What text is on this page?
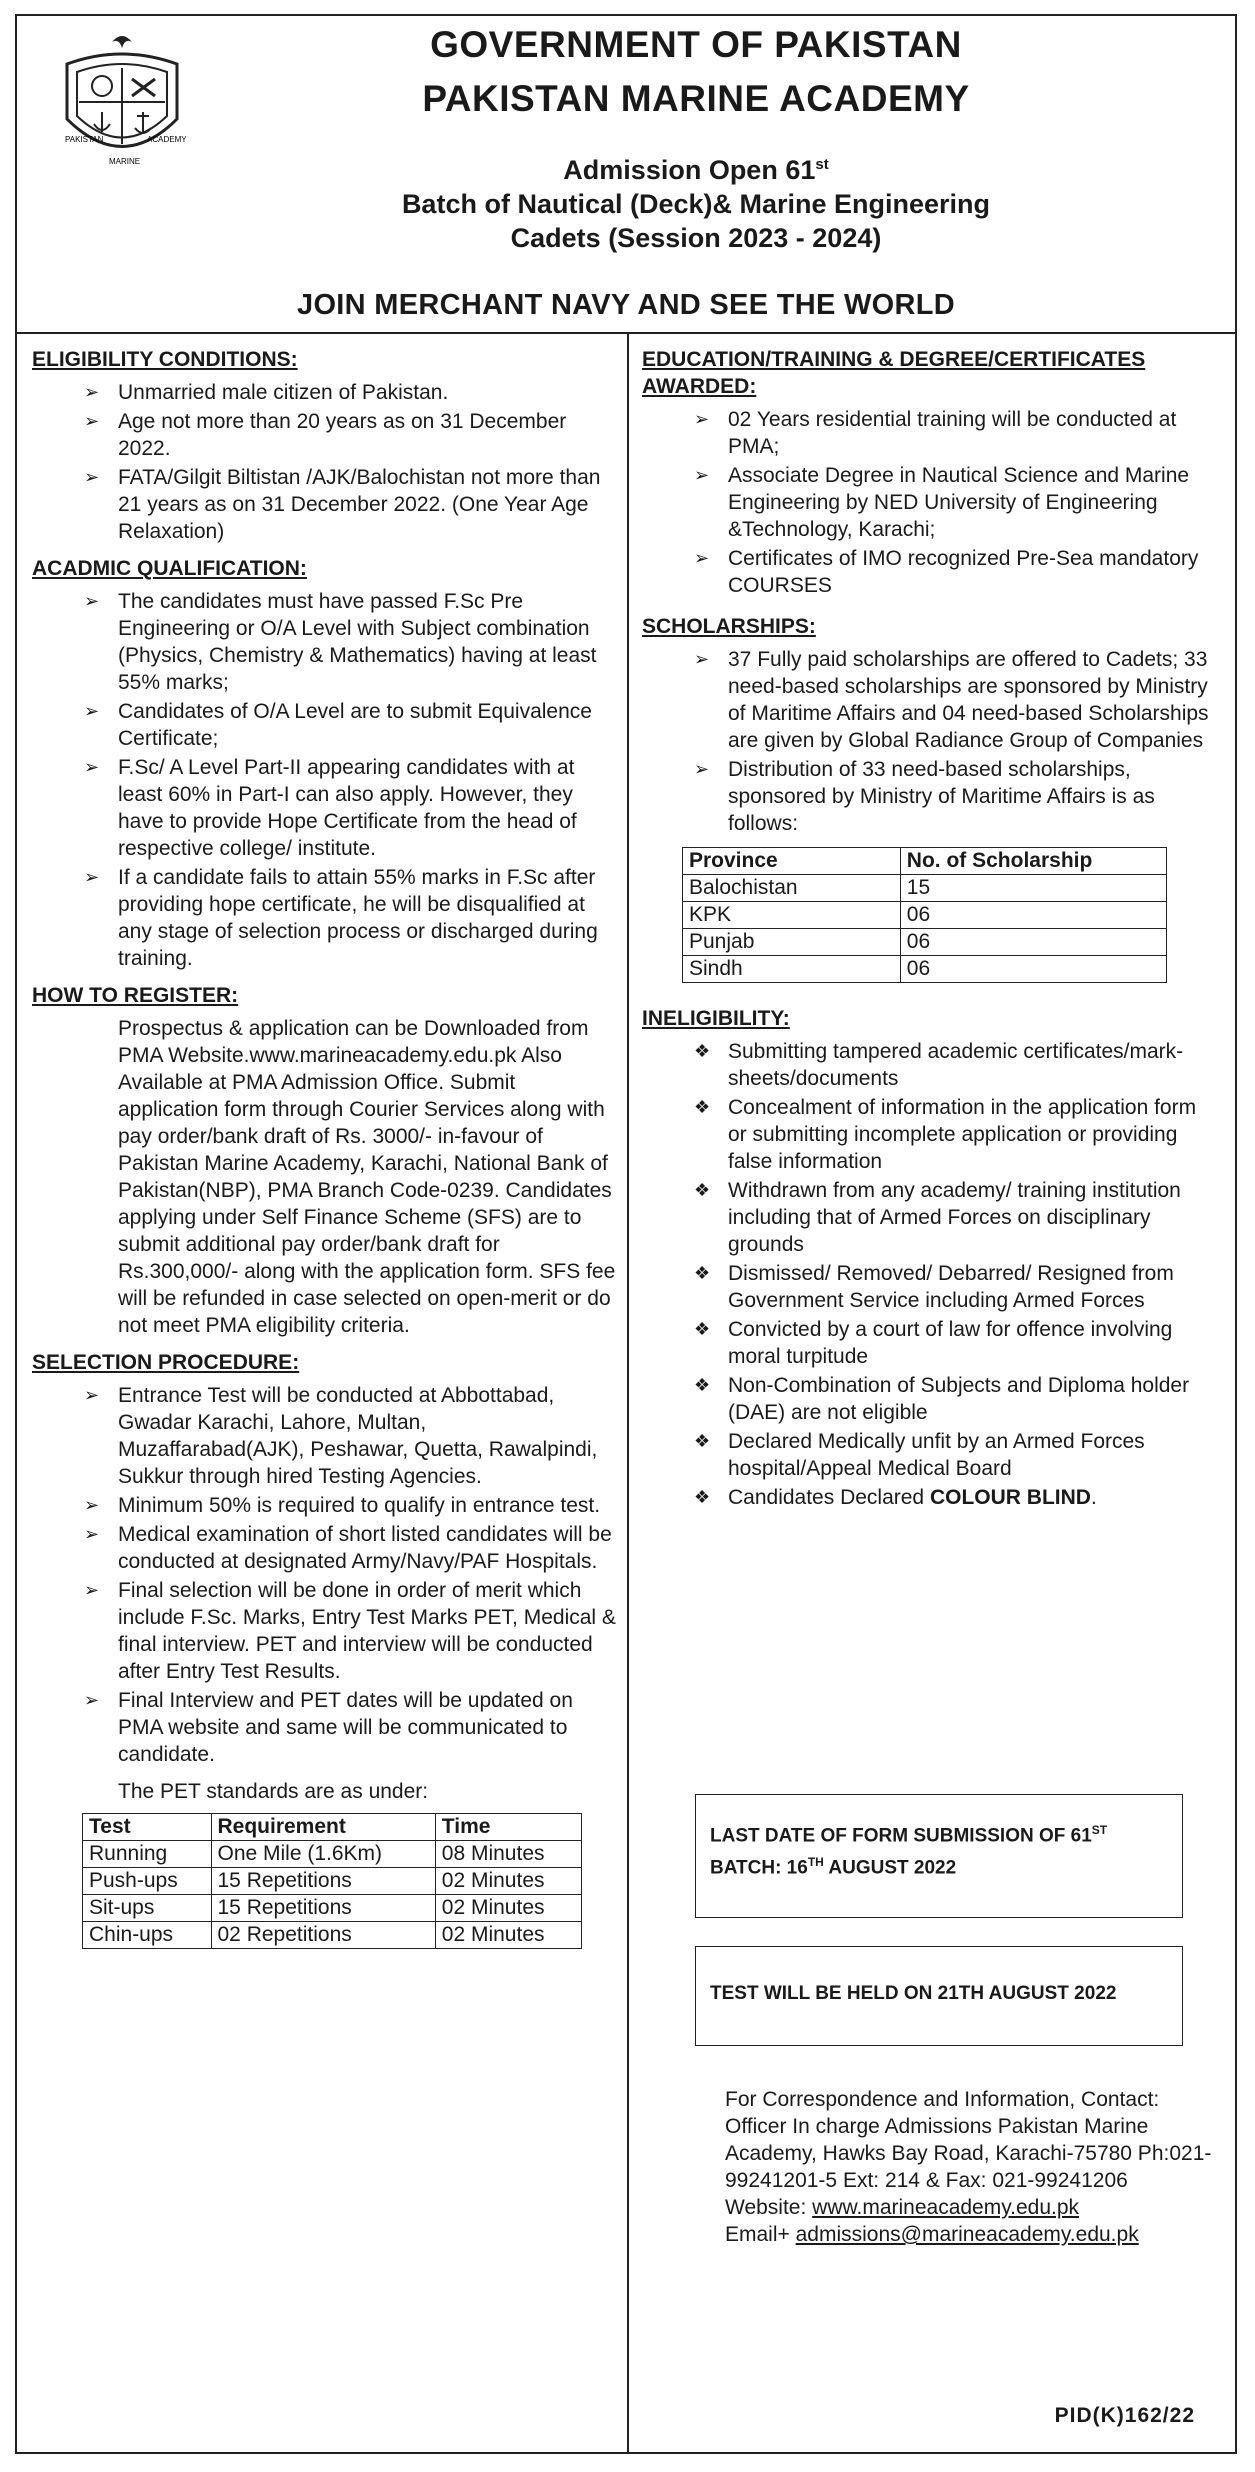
PAKISTAN
MARINE
ACADEMY
GOVERNMENT OF PAKISTAN
PAKISTAN MARINE ACADEMY
Admission Open 61st
Batch of Nautical (Deck)& Marine Engineering
Cadets (Session 2023 - 2024)
JOIN MERCHANT NAVY AND SEE THE WORLD
ELIGIBILITY CONDITIONS:
➢ Unmarried male citizen of Pakistan.
➢ Age not more than 20 years as on 31 December 2022.
➢ FATA/Gilgit Biltistan /AJK/Balochistan not more than 21 years as on 31 December 2022. (One Year Age Relaxation)
ACADMIC QUALIFICATION:
➢ The candidates must have passed F.Sc Pre Engineering or O/A Level with Subject combination (Physics, Chemistry & Mathematics) having at least 55% marks;
➢ Candidates of O/A Level are to submit Equivalence Certificate;
➢ F.Sc/ A Level Part-II appearing candidates with at least 60% in Part-I can also apply. However, they have to provide Hope Certificate from the head of respective college/ institute.
➢ If a candidate fails to attain 55% marks in F.Sc after providing hope certificate, he will be disqualified at any stage of selection process or discharged during training.
HOW TO REGISTER:
Prospectus & application can be Downloaded from PMA Website.www.marineacademy.edu.pk Also Available at PMA Admission Office. Submit application form through Courier Services along with pay order/bank draft of Rs. 3000/- in-favour of Pakistan Marine Academy, Karachi, National Bank of Pakistan(NBP), PMA Branch Code-0239. Candidates applying under Self Finance Scheme (SFS) are to submit additional pay order/bank draft for Rs.300,000/- along with the application form. SFS fee will be refunded in case selected on open-merit or do not meet PMA eligibility criteria.
SELECTION PROCEDURE:
➢ Entrance Test will be conducted at Abbottabad, Gwadar Karachi, Lahore, Multan, Muzaffarabad(AJK), Peshawar, Quetta, Rawalpindi, Sukkur through hired Testing Agencies.
➢ Minimum 50% is required to qualify in entrance test.
➢ Medical examination of short listed candidates will be conducted at designated Army/Navy/PAF Hospitals.
➢ Final selection will be done in order of merit which include F.Sc. Marks, Entry Test Marks PET, Medical & final interview. PET and interview will be conducted after Entry Test Results.
➢ Final Interview and PET dates will be updated on PMA website and same will be communicated to candidate.
The PET standards are as under:
Test	Requirement	Time
Running	One Mile (1.6Km)	08 Minutes
Push-ups	15 Repetitions	02 Minutes
Sit-ups	15 Repetitions	02 Minutes
Chin-ups	02 Repetitions	02 Minutes
EDUCATION/TRAINING & DEGREE/CERTIFICATES AWARDED:
➢ 02 Years residential training will be conducted at PMA;
➢ Associate Degree in Nautical Science and Marine Engineering by NED University of Engineering &Technology, Karachi;
➢ Certificates of IMO recognized Pre-Sea mandatory COURSES
SCHOLARSHIPS:
➢ 37 Fully paid scholarships are offered to Cadets; 33 need-based scholarships are sponsored by Ministry of Maritime Affairs and 04 need-based Scholarships are given by Global Radiance Group of Companies
➢ Distribution of 33 need-based scholarships, sponsored by Ministry of Maritime Affairs is as follows:
Province	No. of Scholarship
Balochistan	15
KPK	06
Punjab	06
Sindh	06
INELIGIBILITY:
❖ Submitting tampered academic certificates/mark-sheets/documents
❖ Concealment of information in the application form or submitting incomplete application or providing false information
❖ Withdrawn from any academy/ training institution including that of Armed Forces on disciplinary grounds
❖ Dismissed/ Removed/ Debarred/ Resigned from Government Service including Armed Forces
❖ Convicted by a court of law for offence involving moral turpitude
❖ Non-Combination of Subjects and Diploma holder (DAE) are not eligible
❖ Declared Medically unfit by an Armed Forces hospital/Appeal Medical Board
❖ Candidates Declared COLOUR BLIND.
LAST DATE OF FORM SUBMISSION OF 61ST
BATCH: 16TH AUGUST 2022
TEST WILL BE HELD ON 21TH AUGUST 2022
For Correspondence and Information, Contact: Officer In charge Admissions Pakistan Marine Academy, Hawks Bay Road, Karachi-75780 Ph:021-99241201-5 Ext: 214 & Fax: 021-99241206
Website: www.marineacademy.edu.pk
Email+ admissions@marineacademy.edu.pk
PID(K)162/22
